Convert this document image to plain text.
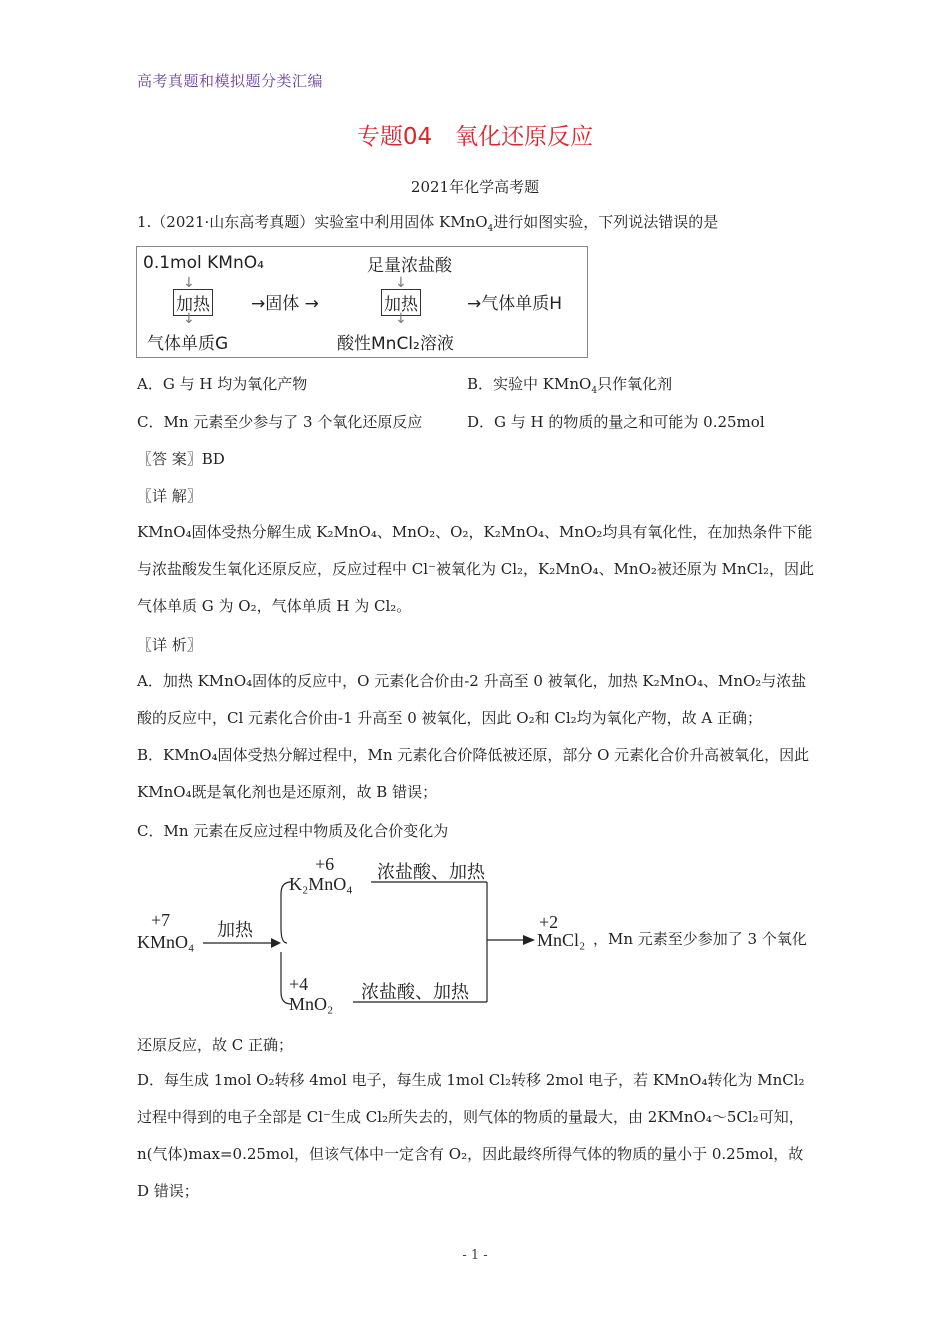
高考真题和模拟题分类汇编
专题04　氧化还原反应
2021年化学高考题
1.（2021·山东高考真题）实验室中利用固体 KMnO$_4$进行如图实验，下列说法错误的是
0.1mol KMnO₄	足量浓盐酸
↓	↓
加热 →固体 →	加热	→气体单质H
↓	↓
气体单质G	酸性MnCl₂溶液
A．G 与 H 均为氧化产物	B．实验中 KMnO$_4$只作氧化剂
C．Mn 元素至少参与了 3 个氧化还原反应	D．G 与 H 的物质的量之和可能为 0.25mol
〖答 案〗BD
〖详 解〗
KMnO₄固体受热分解生成 K₂MnO₄、MnO₂、O₂，K₂MnO₄、MnO₂均具有氧化性，在加热条件下能与浓盐酸发生氧化还原反应，反应过程中 Cl⁻被氧化为 Cl₂，K₂MnO₄、MnO₂被还原为 MnCl₂，因此气体单质 G 为 O₂，气体单质 H 为 Cl₂。
〖详 析〗
A．加热 KMnO₄固体的反应中，O 元素化合价由-2 升高至 0 被氧化，加热 K₂MnO₄、MnO₂与浓盐酸的反应中，Cl 元素化合价由-1 升高至 0 被氧化，因此 O₂和 Cl₂均为氧化产物，故 A 正确；
B．KMnO₄固体受热分解过程中，Mn 元素化合价降低被还原，部分 O 元素化合价升高被氧化，因此 KMnO₄既是氧化剂也是还原剂，故 B 错误；
C．Mn 元素在反应过程中物质及化合价变化为
+7
KMnO₄
加热
+6
K₂MnO₄
浓盐酸、加热
+4
MnO₂
浓盐酸、加热
+2
MnCl₂ ，Mn 元素至少参加了 3 个氧化
还原反应，故 C 正确；
D．每生成 1mol O₂转移 4mol 电子，每生成 1mol Cl₂转移 2mol 电子，若 KMnO₄转化为 MnCl₂过程中得到的电子全部是 Cl⁻生成 Cl₂所失去的，则气体的物质的量最大，由 2KMnO₄～5Cl₂可知，n(气体)max=0.25mol，但该气体中一定含有 O₂，因此最终所得气体的物质的量小于 0.25mol，故 D 错误；
- 1 -
